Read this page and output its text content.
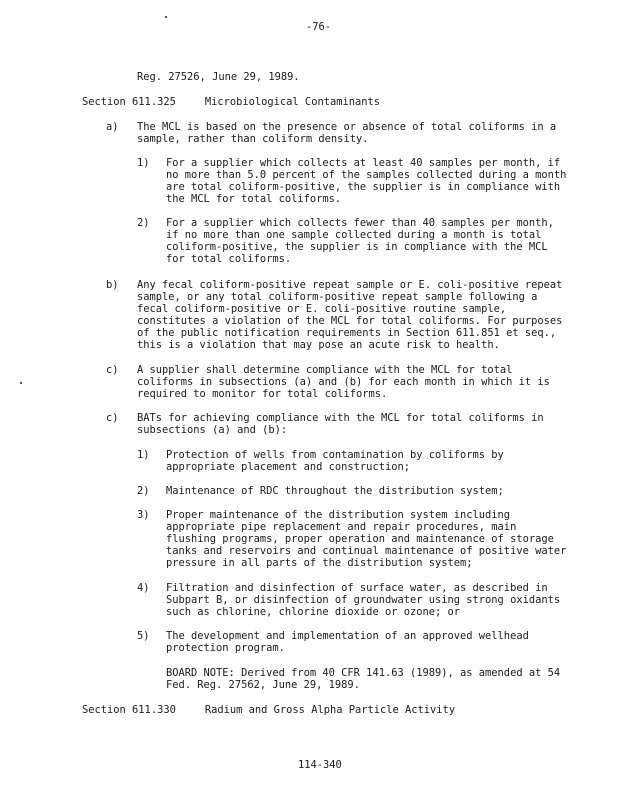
-76-
Reg. 27526, June 29, 1989.
Section 611.325	Microbiological Contaminants
a) The MCL is based on the presence or absence of total coliforms in a
sample, rather than coliform density.
1) For a supplier which collects at least 40 samples per month, if
no more than 5.0 percent of the samples collected during a month
are total coliform-positive, the supplier is in compliance with
the MCL for total coliforms.
2) For a supplier which collects fewer than 40 samples per month,
if no more than one sample collected during a month is total
coliform-positive, the supplier is in compliance with the MCL
for total coliforms.
b) Any fecal coliform-positive repeat sample or E. coli-positive repeat
sample, or any total coliform-positive repeat sample following a
fecal coliform-positive or E. coli-positive routine sample,
constitutes a violation of the MCL for total coliforms. For purposes
of the public notification requirements in Section 611.851 et seq.,
this is a violation that may pose an acute risk to health.
c) A supplier shall determine compliance with the MCL for total
coliforms in subsections (a) and (b) for each month in which it is
required to monitor for total coliforms.
c) BATs for achieving compliance with the MCL for total coliforms in
subsections (a) and (b):
1) Protection of wells from contamination by coliforms by
appropriate placement and construction;
2) Maintenance of RDC throughout the distribution system;
3) Proper maintenance of the distribution system including
appropriate pipe replacement and repair procedures, main
flushing programs, proper operation and maintenance of storage
tanks and reservoirs and continual maintenance of positive water
pressure in all parts of the distribution system;
4) Filtration and disinfection of surface water, as described in
Subpart B, or disinfection of groundwater using strong oxidants
such as chlorine, chlorine dioxide or ozone; or
5) The development and implementation of an approved wellhead
protection program.
BOARD NOTE: Derived from 40 CFR 141.63 (1989), as amended at 54
Fed. Reg. 27562, June 29, 1989.
Section 611.330	Radium and Gross Alpha Particle Activity
114-340
